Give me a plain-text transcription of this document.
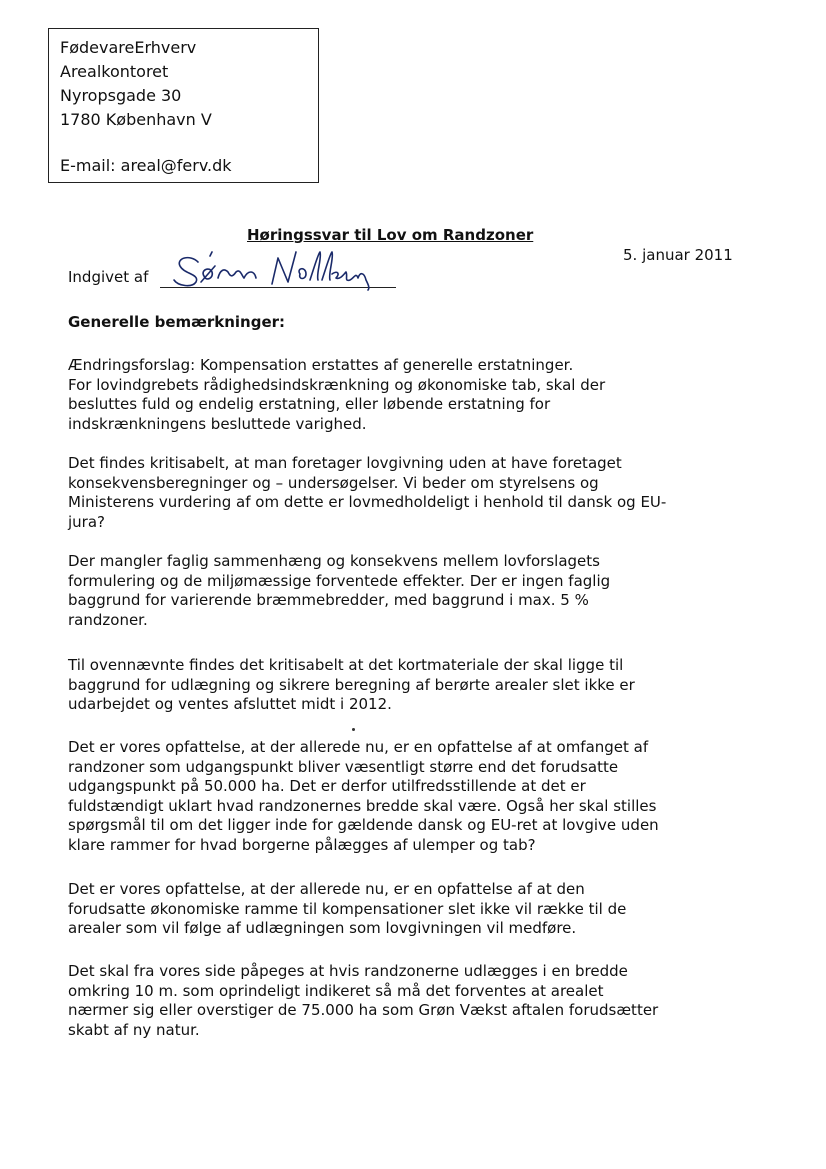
FødevareErhverv
Arealkontoret
Nyropsgade 30
1780 København V
E-mail: areal@ferv.dk
Høringssvar til Lov om Randzoner
5. januar 2011
Indgivet af
Generelle bemærkninger:
Ændringsforslag: Kompensation erstattes af generelle erstatninger.
For lovindgrebets rådighedsindskrænkning og økonomiske tab, skal der
besluttes fuld og endelig erstatning, eller løbende erstatning for
indskrænkningens besluttede varighed.
Det findes kritisabelt, at man foretager lovgivning uden at have foretaget
konsekvensberegninger og – undersøgelser. Vi beder om styrelsens og
Ministerens vurdering af om dette er lovmedholdeligt i henhold til dansk og EU-
jura?
Der mangler faglig sammenhæng og konsekvens mellem lovforslagets
formulering og de miljømæssige forventede effekter. Der er ingen faglig
baggrund for varierende bræmmebredder, med baggrund i max. 5 %
randzoner.
Til ovennævnte findes det kritisabelt at det kortmateriale der skal ligge til
baggrund for udlægning og sikrere beregning af berørte arealer slet ikke er
udarbejdet og ventes afsluttet midt i 2012.
Det er vores opfattelse, at der allerede nu, er en opfattelse af at omfanget af
randzoner som udgangspunkt bliver væsentligt større end det forudsatte
udgangspunkt på 50.000 ha. Det er derfor utilfredsstillende at det er
fuldstændigt uklart hvad randzonernes bredde skal være. Også her skal stilles
spørgsmål til om det ligger inde for gældende dansk og EU-ret at lovgive uden
klare rammer for hvad borgerne pålægges af ulemper og tab?
Det er vores opfattelse, at der allerede nu, er en opfattelse af at den
forudsatte økonomiske ramme til kompensationer slet ikke vil række til de
arealer som vil følge af udlægningen som lovgivningen vil medføre.
Det skal fra vores side påpeges at hvis randzonerne udlægges i en bredde
omkring 10 m. som oprindeligt indikeret så må det forventes at arealet
nærmer sig eller overstiger de 75.000 ha som Grøn Vækst aftalen forudsætter
skabt af ny natur.
